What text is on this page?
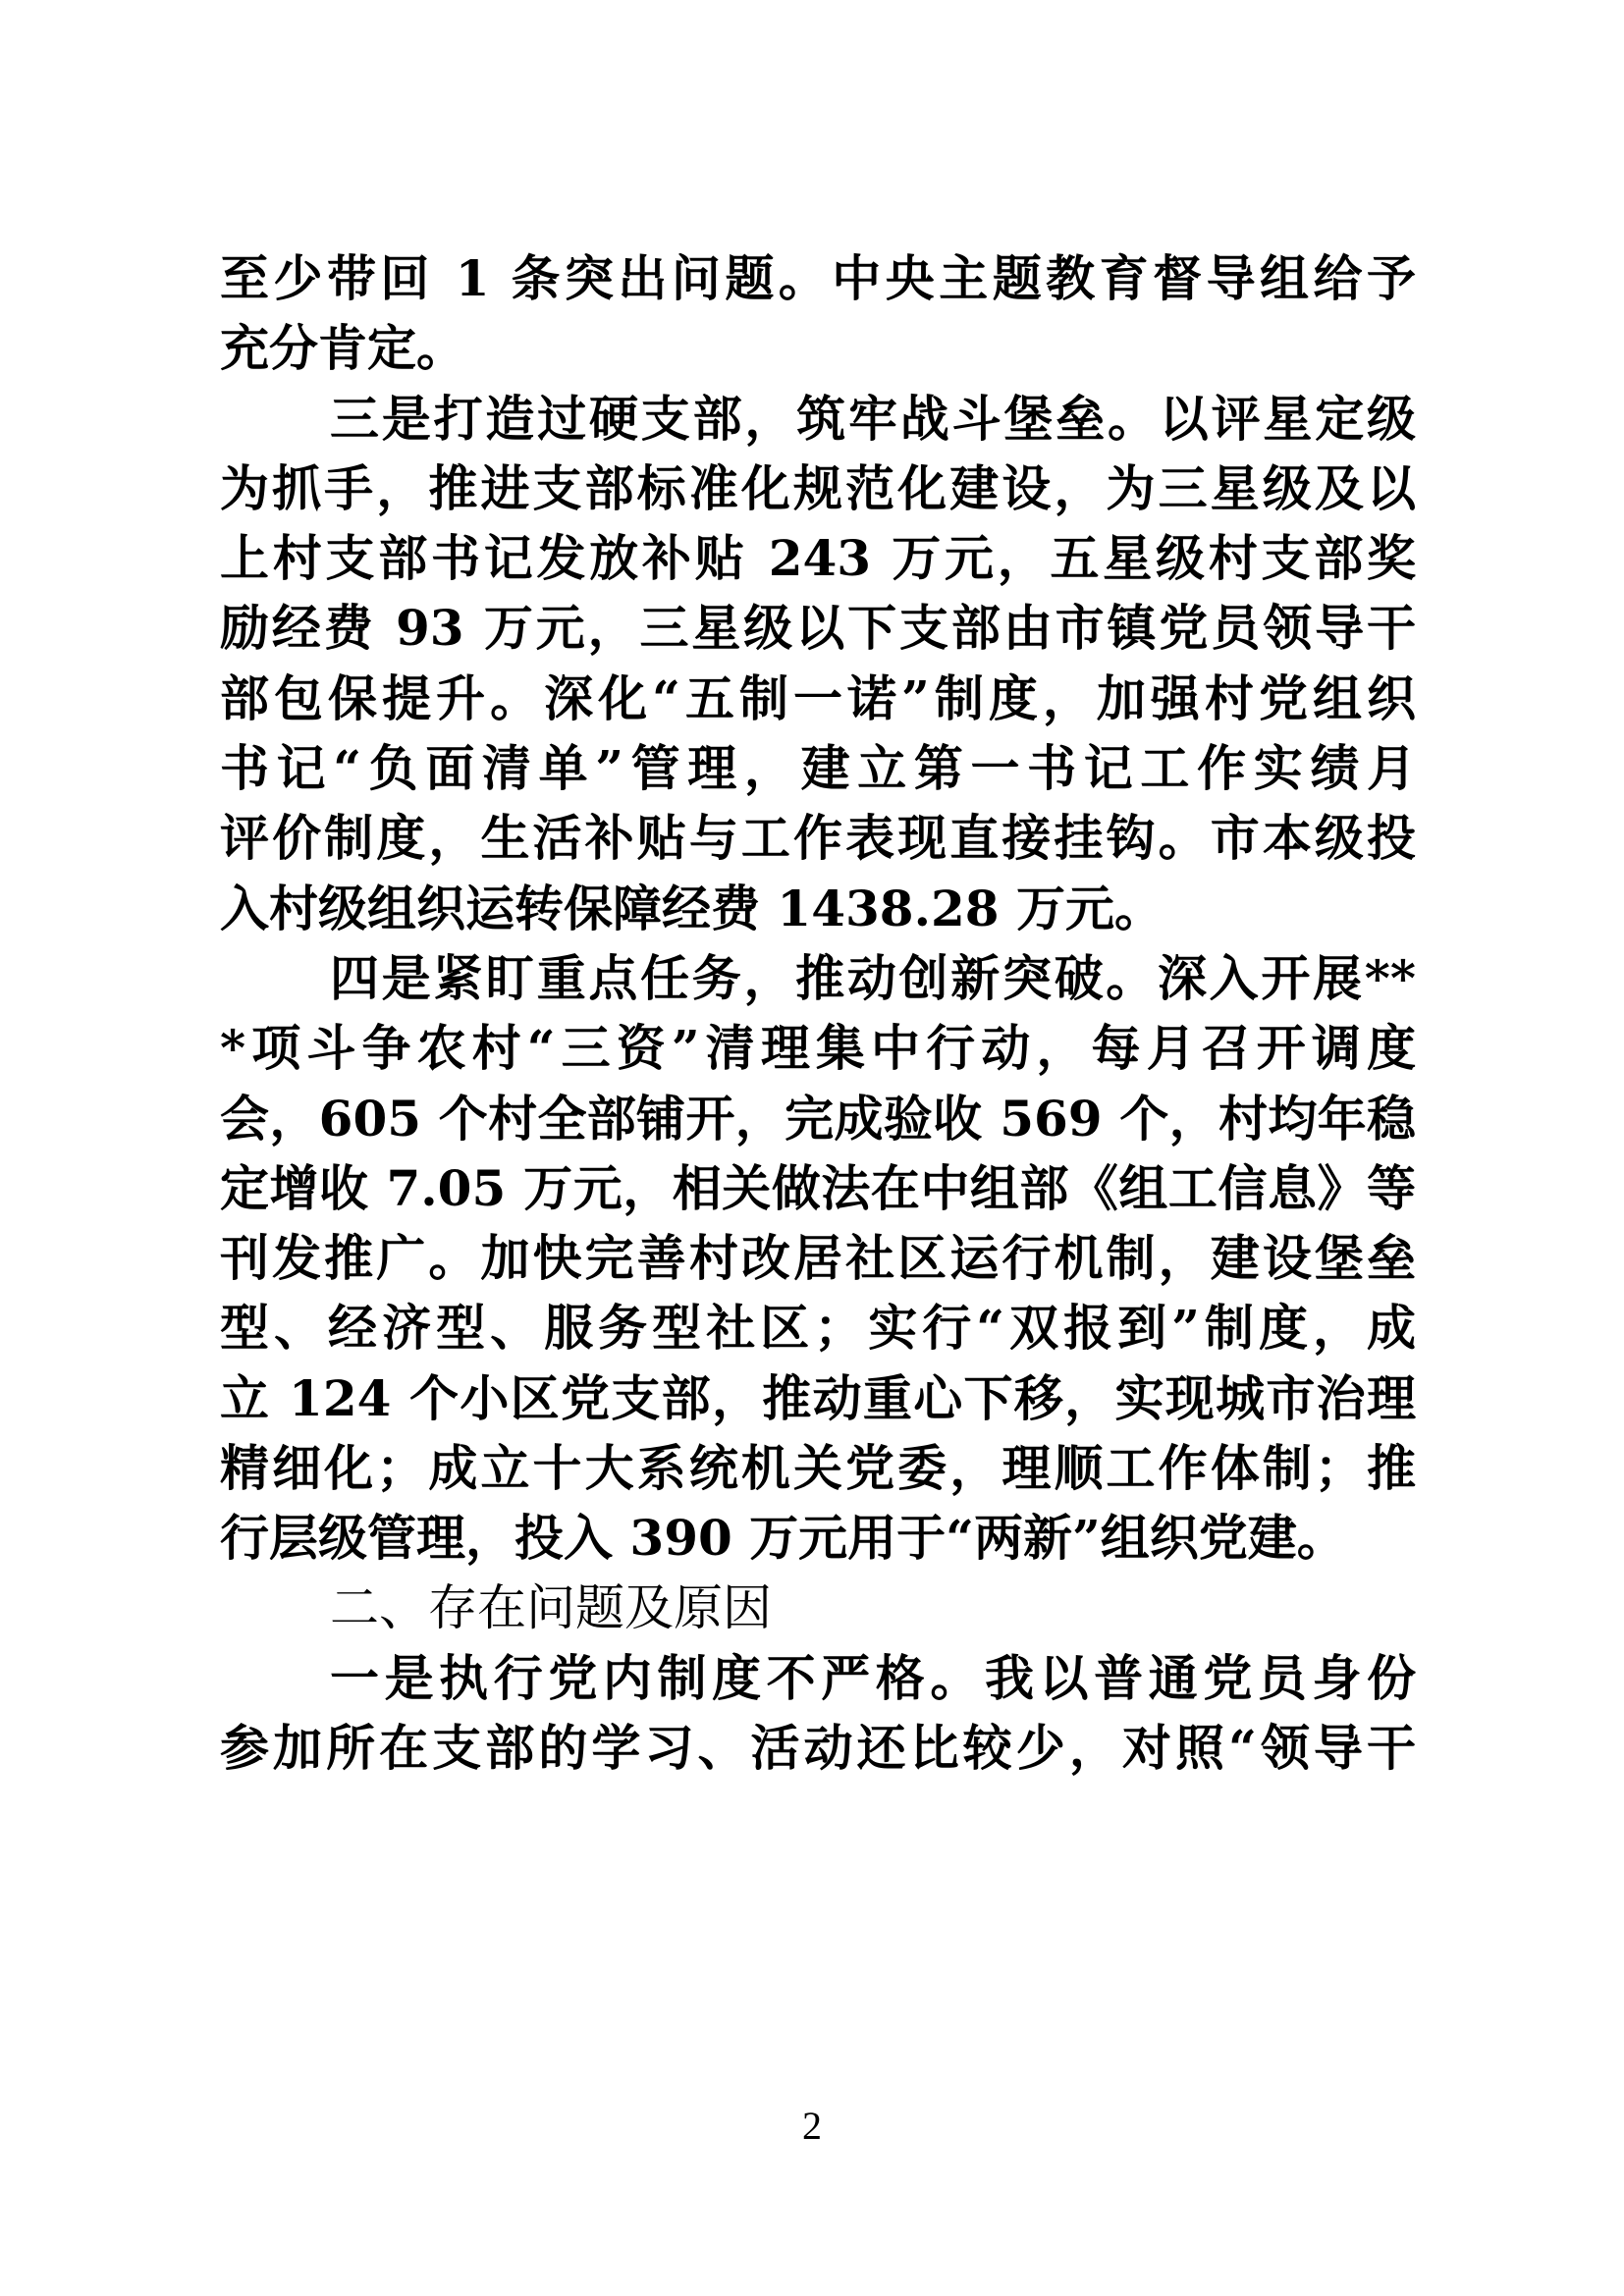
至少带回 1 条突出问题。中央主题教育督导组给予
充分肯定。
三是打造过硬支部，筑牢战斗堡垒。以评星定级
为抓手，推进支部标准化规范化建设，为三星级及以
上村支部书记发放补贴 243 万元，五星级村支部奖
励经费 93 万元，三星级以下支部由市镇党员领导干
部包保提升。深化“五制一诺”制度，加强村党组织
书记“负面清单”管理，建立第一书记工作实绩月
评价制度，生活补贴与工作表现直接挂钩。市本级投
入村级组织运转保障经费 1438.28 万元。
四是紧盯重点任务，推动创新突破。深入开展**
*项斗争农村“三资”清理集中行动，每月召开调度
会，605 个村全部铺开，完成验收 569 个，村均年稳
定增收 7.05 万元，相关做法在中组部《组工信息》等
刊发推广。加快完善村改居社区运行机制，建设堡垒
型、经济型、服务型社区；实行“双报到”制度，成
立 124 个小区党支部，推动重心下移，实现城市治理
精细化；成立十大系统机关党委，理顺工作体制；推
行层级管理，投入 390 万元用于“两新”组织党建。
二、存在问题及原因
一是执行党内制度不严格。我以普通党员身份
参加所在支部的学习、活动还比较少，对照“领导干
2
